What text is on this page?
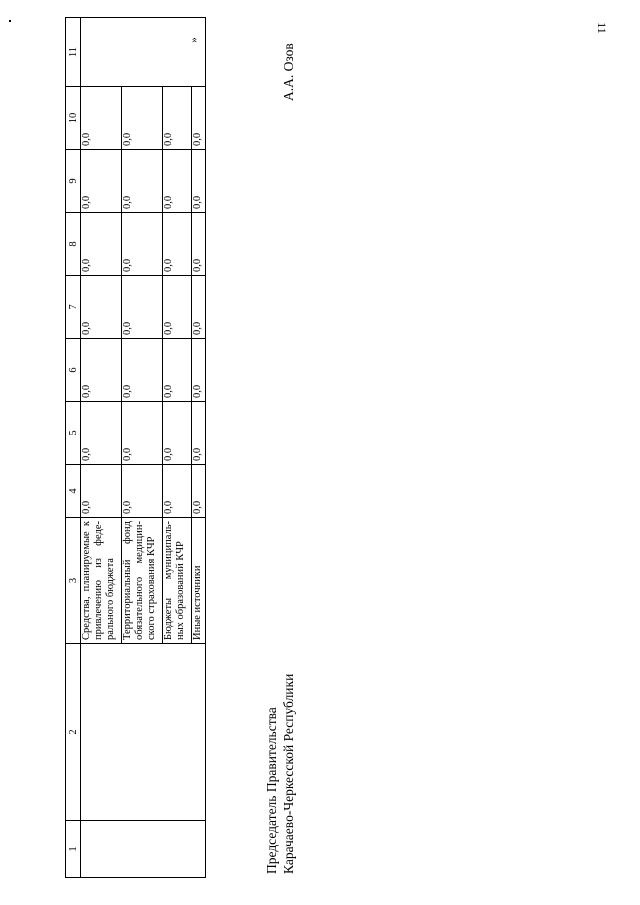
11
1	2	3	4	5	6	7	8	9	10	11
		Средства, планируемые к привлечению из феде-ральнoго бюджета	0,0	0,0	0,0	0,0	0,0	0,0	0,0	
		Территориальный фонд обязательного медицин-ского страхования КЧР	0,0	0,0	0,0	0,0	0,0	0,0	0,0	
		Бюджеты муниципаль-ных образований КЧР	0,0	0,0	0,0	0,0	0,0	0,0	0,0	
		Иные источники	0,0	0,0	0,0	0,0	0,0	0,0	0,0	
»
Председатель Правительства Карачаево-Черкесской Республики
А.А. Озов
